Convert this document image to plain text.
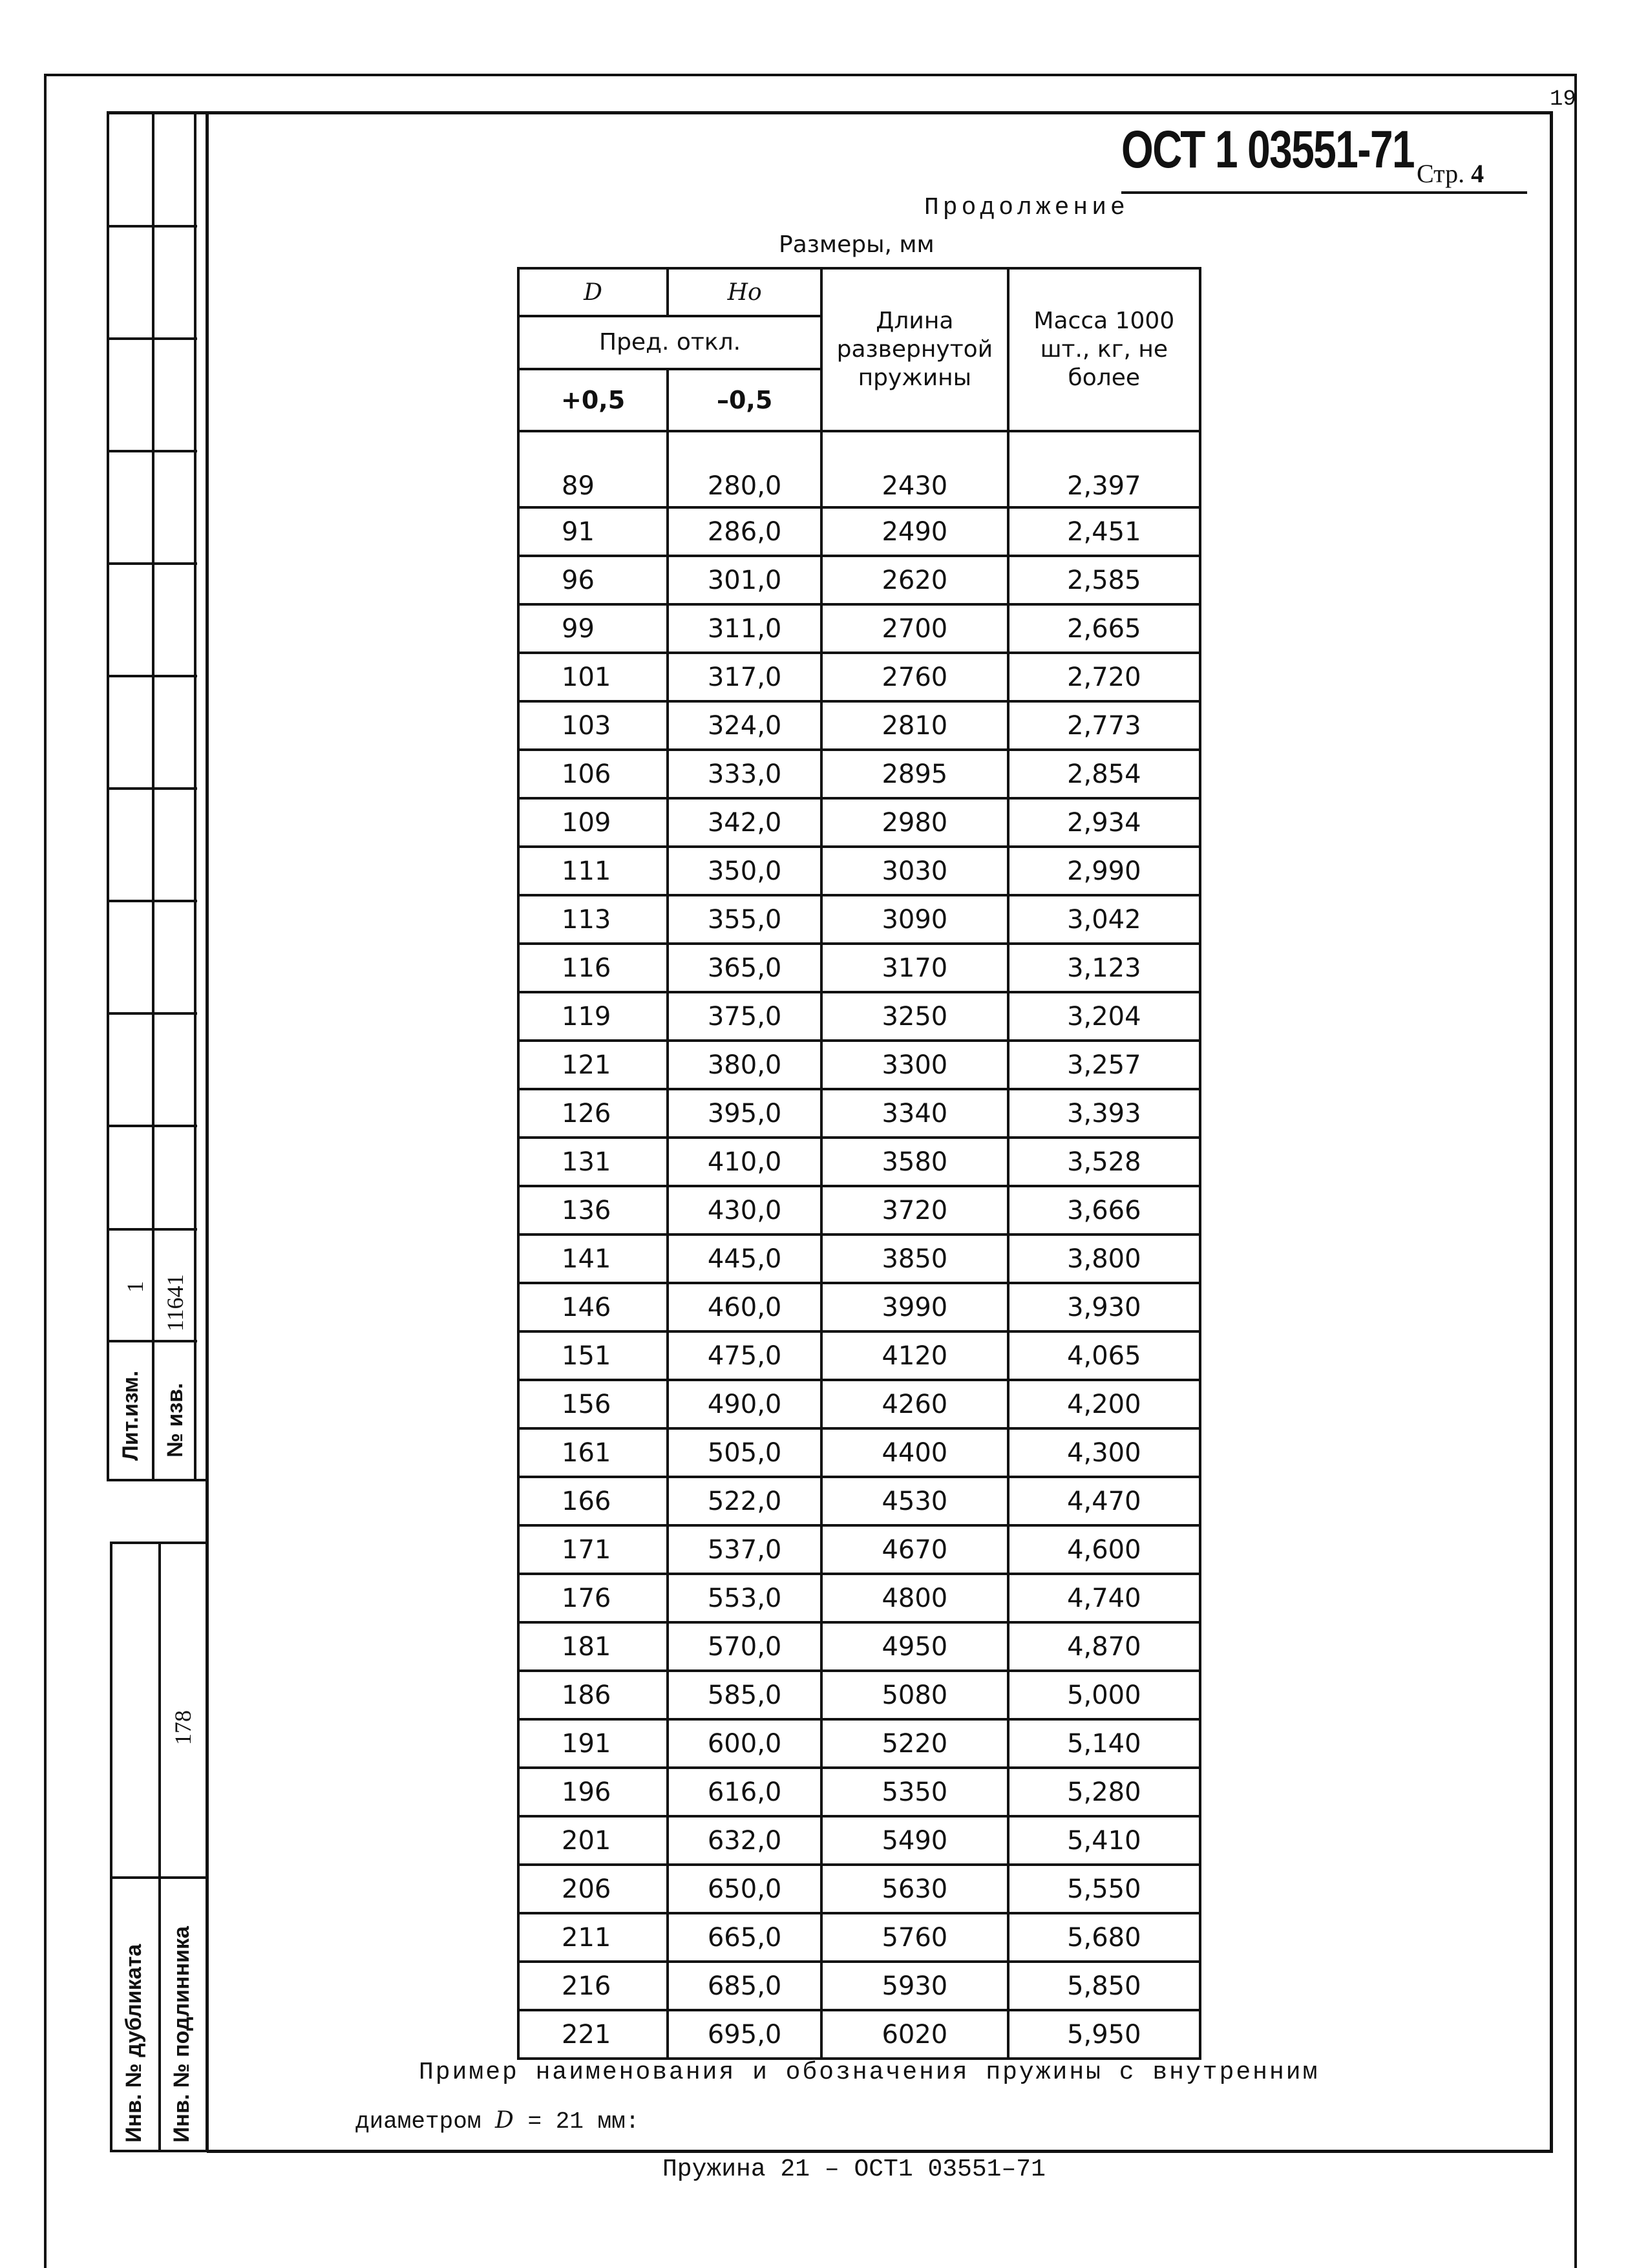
Лит.изм.
1
№ изв.
11641
178
Инв. № дубликата Инв. № подлинника
19
ОСТ 1 03551-71 Стр. 4
Продолжение
Размеры, мм
D	Ho	Длина развернутой пружины	Масса 1000 шт., кг, не более
Пред. откл.			
+0,5	–0,5		
89	280,0	2430	2,397
91	286,0	2490	2,451
96	301,0	2620	2,585
99	311,0	2700	2,665
101	317,0	2760	2,720
103	324,0	2810	2,773
106	333,0	2895	2,854
109	342,0	2980	2,934
111	350,0	3030	2,990
113	355,0	3090	3,042
116	365,0	3170	3,123
119	375,0	3250	3,204
121	380,0	3300	3,257
126	395,0	3340	3,393
131	410,0	3580	3,528
136	430,0	3720	3,666
141	445,0	3850	3,800
146	460,0	3990	3,930
151	475,0	4120	4,065
156	490,0	4260	4,200
161	505,0	4400	4,300
166	522,0	4530	4,470
171	537,0	4670	4,600
176	553,0	4800	4,740
181	570,0	4950	4,870
186	585,0	5080	5,000
191	600,0	5220	5,140
196	616,0	5350	5,280
201	632,0	5490	5,410
206	650,0	5630	5,550
211	665,0	5760	5,680
216	685,0	5930	5,850
221	695,0	6020	5,950
Пример наименования и обозначения пружины с внутренним
диаметром D = 21 мм:
Пружина 21 – ОСТ1 03551–71
